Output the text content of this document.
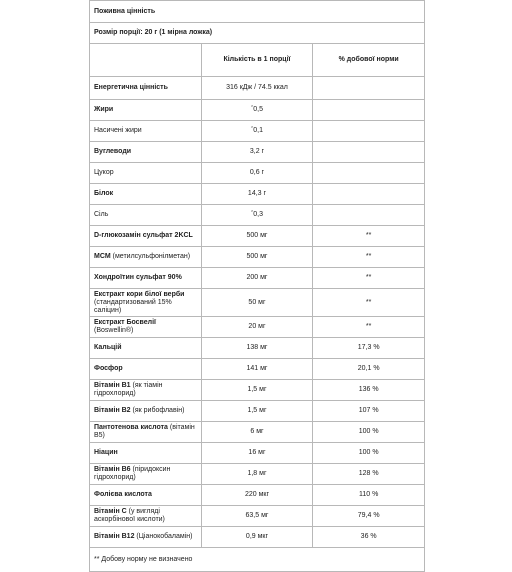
Поживна цінність		
Розмір порції: 20 г (1 мірна ложка)		
	Кількість в 1 порції	% добової норми
Енергетична цінність	316 кДж / 74.5 ккал	
Жири	ˆ0,5	
Насичені жири	ˆ0,1	
Вуглеводи	3,2 г	
Цукор	0,6 г	
Білок	14,3 г	
Сіль	ˆ0,3	
D-глюкозамін сульфат 2KCL	500 мг	**
MCM (метилсульфонілметан)	500 мг	**
Хондроїтин сульфат 90%	200 мг	**
Екстракт кори білої верби (стандартизований 15% саліцин)	50 мг	**
Екстракт Босвелії (Boswellin®)	20 мг	**
Кальцій	138 мг	17,3 %
Фосфор	141 мг	20,1 %
Вітамін B1 (як тіамін гідрохлорид)	1,5 мг	136 %
Вітамін B2 (як рибофлавін)	1,5 мг	107 %
Пантотенова кислота (вітамін B5)	6 мг	100 %
Ніацин	16 мг	100 %
Вітамін B6 (піридоксин гідрохлорид)	1,8 мг	128 %
Фолієва кислота	220 мкг	110 %
Вітамін C (у вигляді аскорбінової кислоти)	63,5 мг	79,4 %
Вітамін B12 (Ціанокобаламін)	0,9 мкг	36 %
** Добову норму не визначено		
